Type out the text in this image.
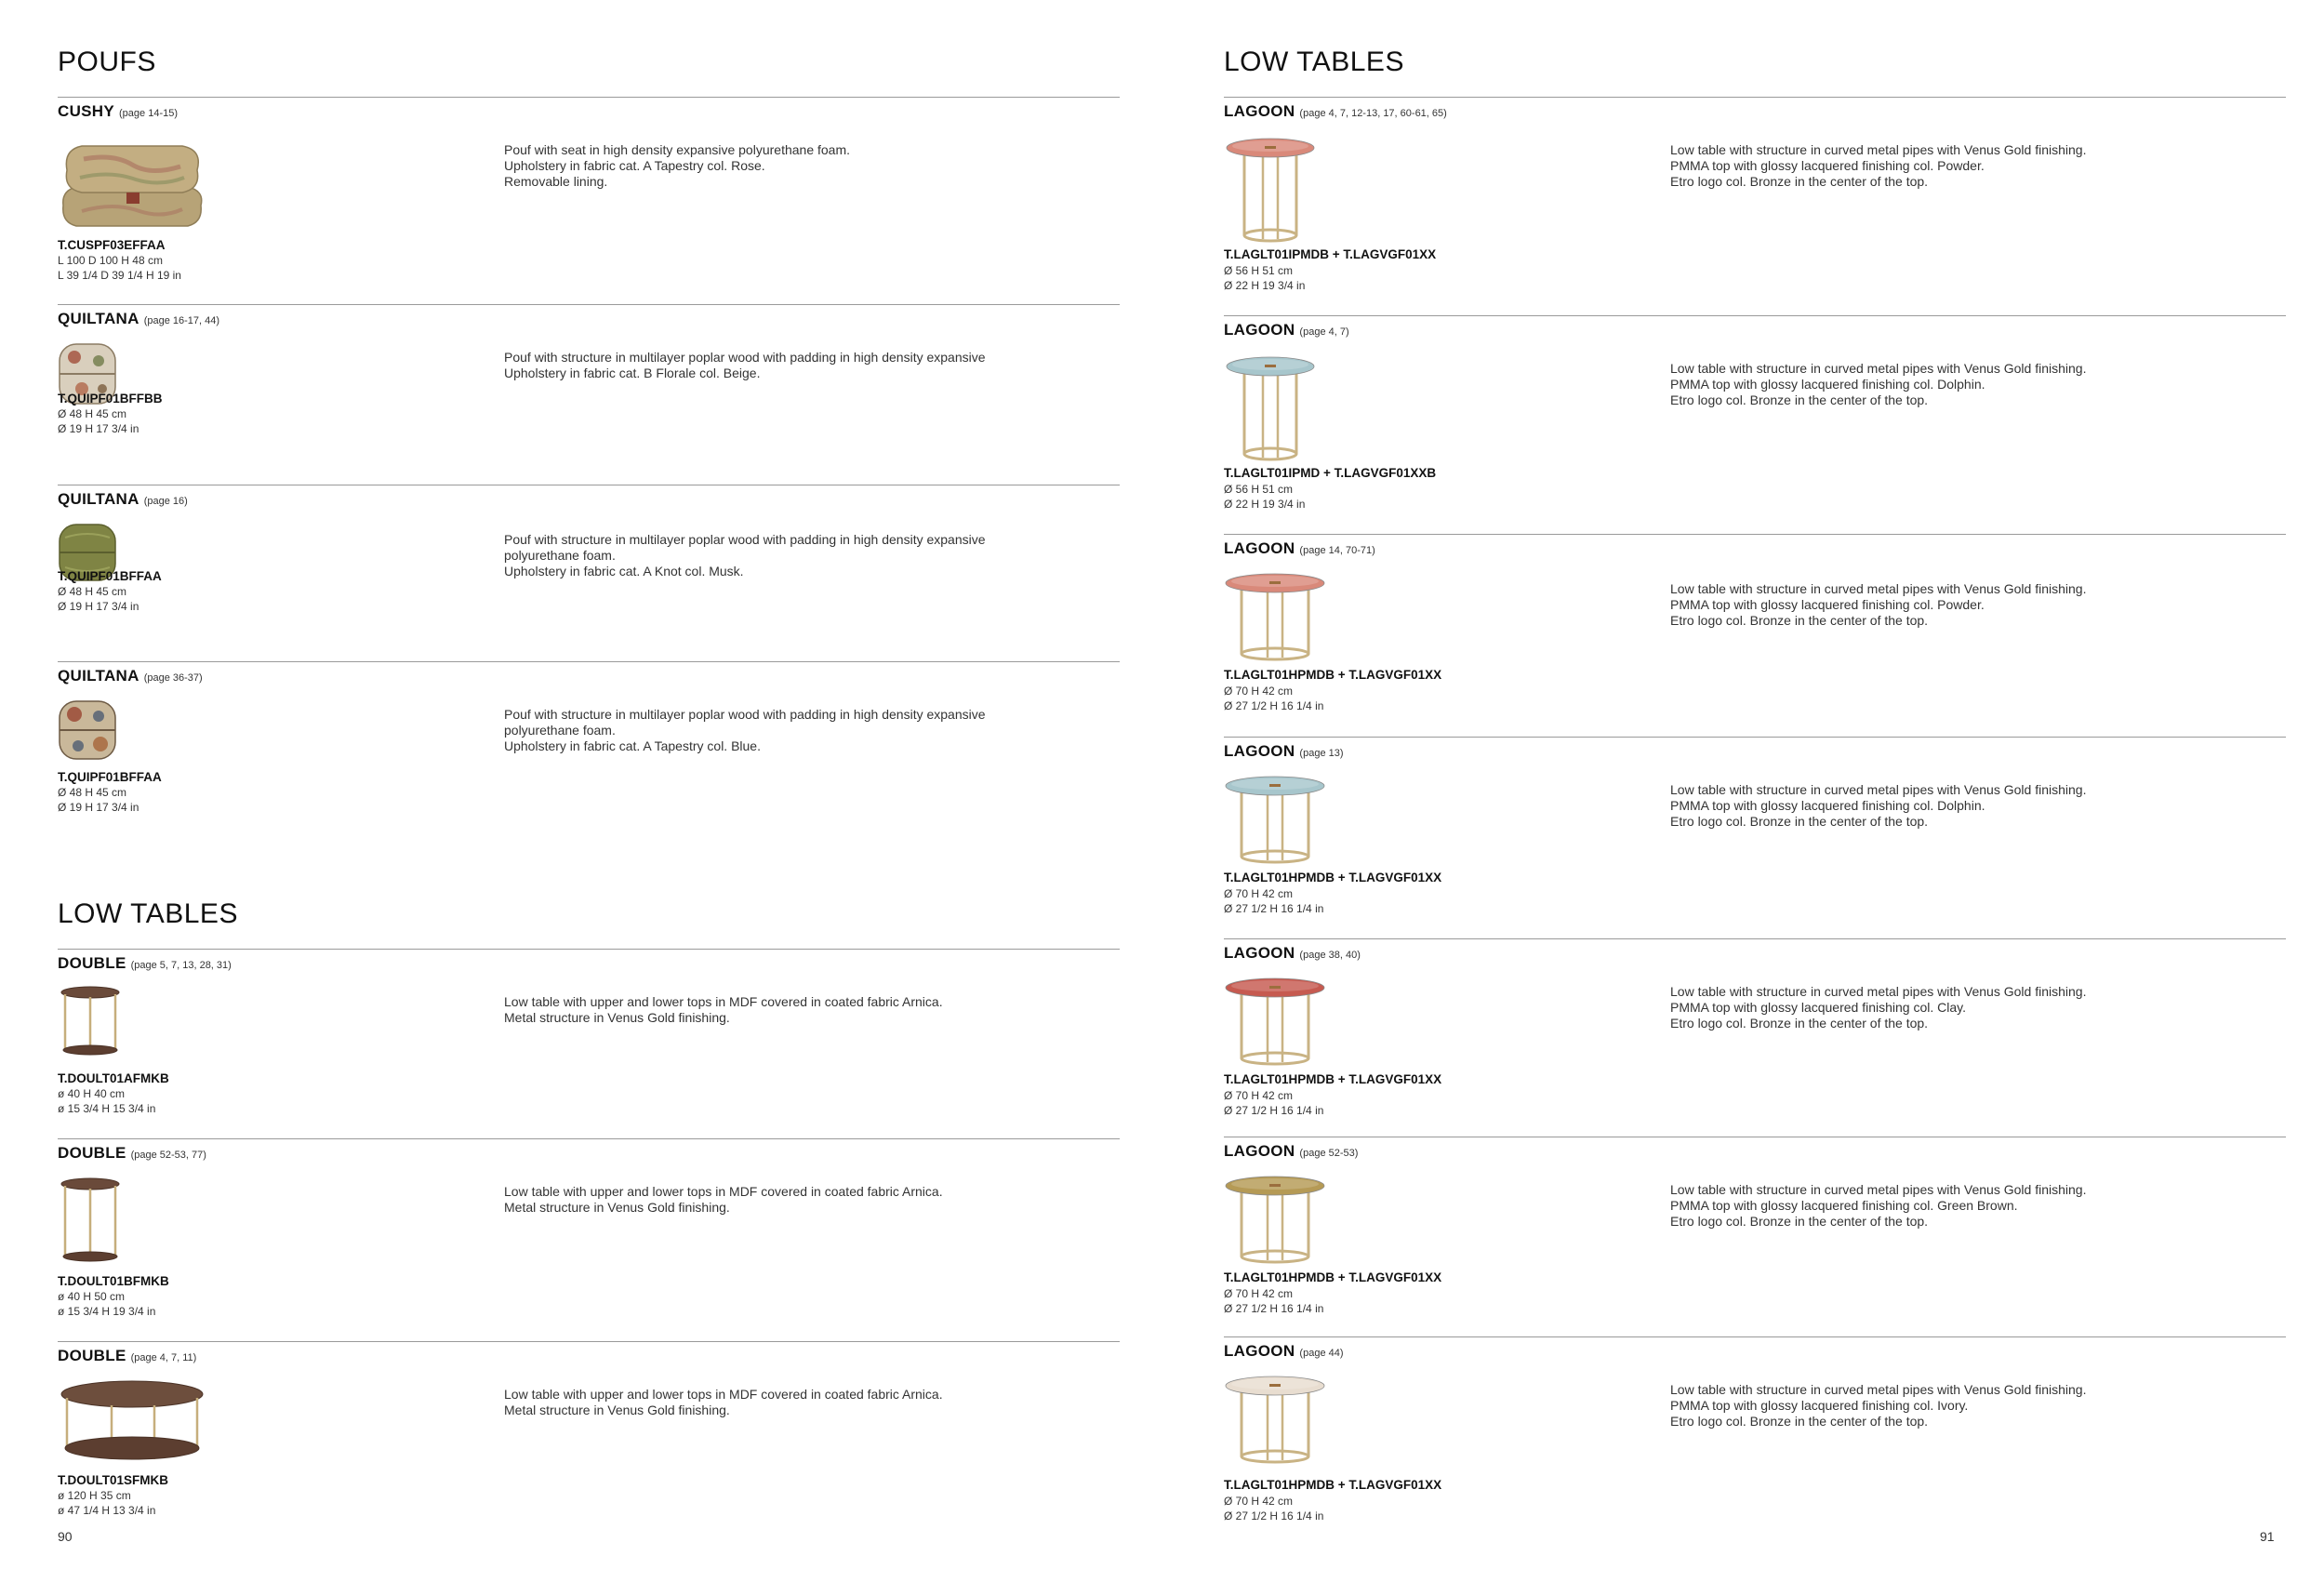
POUFS
CUSHY (page 14-15)
T.CUSPF03EFFAA
L 100 D 100 H 48 cm
L 39 1/4 D 39 1/4 H 19 in
Pouf with seat in high density expansive polyurethane foam.
Upholstery in fabric cat. A Tapestry col. Rose.
Removable lining.
QUILTANA (page 16-17, 44)
T.QUIPF01BFFBB
Ø 48 H 45 cm
Ø 19 H 17 3/4 in
Pouf with structure in multilayer poplar wood with padding in high density expansive
Upholstery in fabric cat. B Florale col. Beige.
QUILTANA (page 16)
T.QUIPF01BFFAA
Ø 48 H 45 cm
Ø 19 H 17 3/4 in
Pouf with structure in multilayer poplar wood with padding in high density expansive
polyurethane foam.
Upholstery in fabric cat. A Knot col. Musk.
QUILTANA (page 36-37)
T.QUIPF01BFFAA
Ø 48 H 45 cm
Ø 19 H 17 3/4 in
Pouf with structure in multilayer poplar wood with padding in high density expansive
polyurethane foam.
Upholstery in fabric cat. A Tapestry col. Blue.
LOW TABLES
DOUBLE (page 5, 7, 13, 28, 31)
T.DOULT01AFMKB
ø 40 H 40 cm
ø 15 3/4 H 15 3/4 in
Low table with upper and lower tops in MDF covered in coated fabric Arnica.
Metal structure in Venus Gold finishing.
DOUBLE (page 52-53, 77)
T.DOULT01BFMKB
ø 40 H 50 cm
ø 15 3/4 H 19 3/4 in
Low table with upper and lower tops in MDF covered in coated fabric Arnica.
Metal structure in Venus Gold finishing.
DOUBLE (page 4, 7, 11)
T.DOULT01SFMKB
ø 120 H 35 cm
ø 47 1/4 H 13 3/4 in
Low table with upper and lower tops in MDF covered in coated fabric Arnica.
Metal structure in Venus Gold finishing.
LOW TABLES
LAGOON (page 4, 7, 12-13, 17, 60-61, 65)
T.LAGLT01IPMDB + T.LAGVGF01XX
Ø 56 H 51 cm
Ø 22 H 19 3/4 in
Low table with structure in curved metal pipes with Venus Gold finishing.
PMMA top with glossy lacquered finishing col. Powder.
Etro logo col. Bronze in the center of the top.
LAGOON (page 4, 7)
T.LAGLT01IPMD + T.LAGVGF01XXB
Ø 56 H 51 cm
Ø 22 H 19 3/4 in
Low table with structure in curved metal pipes with Venus Gold finishing.
PMMA top with glossy lacquered finishing col. Dolphin.
Etro logo col. Bronze in the center of the top.
LAGOON (page 14, 70-71)
T.LAGLT01HPMDB + T.LAGVGF01XX
Ø 70 H 42 cm
Ø 27 1/2 H 16 1/4 in
Low table with structure in curved metal pipes with Venus Gold finishing.
PMMA top with glossy lacquered finishing col. Powder.
Etro logo col. Bronze in the center of the top.
LAGOON (page 13)
T.LAGLT01HPMDB + T.LAGVGF01XX
Ø 70 H 42 cm
Ø 27 1/2 H 16 1/4 in
Low table with structure in curved metal pipes with Venus Gold finishing.
PMMA top with glossy lacquered finishing col. Dolphin.
Etro logo col. Bronze in the center of the top.
LAGOON (page 38, 40)
T.LAGLT01HPMDB + T.LAGVGF01XX
Ø 70 H 42 cm
Ø 27 1/2 H 16 1/4 in
Low table with structure in curved metal pipes with Venus Gold finishing.
PMMA top with glossy lacquered finishing col. Clay.
Etro logo col. Bronze in the center of the top.
LAGOON (page 52-53)
T.LAGLT01HPMDB + T.LAGVGF01XX
Ø 70 H 42 cm
Ø 27 1/2 H 16 1/4 in
Low table with structure in curved metal pipes with Venus Gold finishing.
PMMA top with glossy lacquered finishing col. Green Brown.
Etro logo col. Bronze in the center of the top.
LAGOON (page 44)
T.LAGLT01HPMDB + T.LAGVGF01XX
Ø 70 H 42 cm
Ø 27 1/2 H 16 1/4 in
Low table with structure in curved metal pipes with Venus Gold finishing.
PMMA top with glossy lacquered finishing col. Ivory.
Etro logo col. Bronze in the center of the top.
90	91
